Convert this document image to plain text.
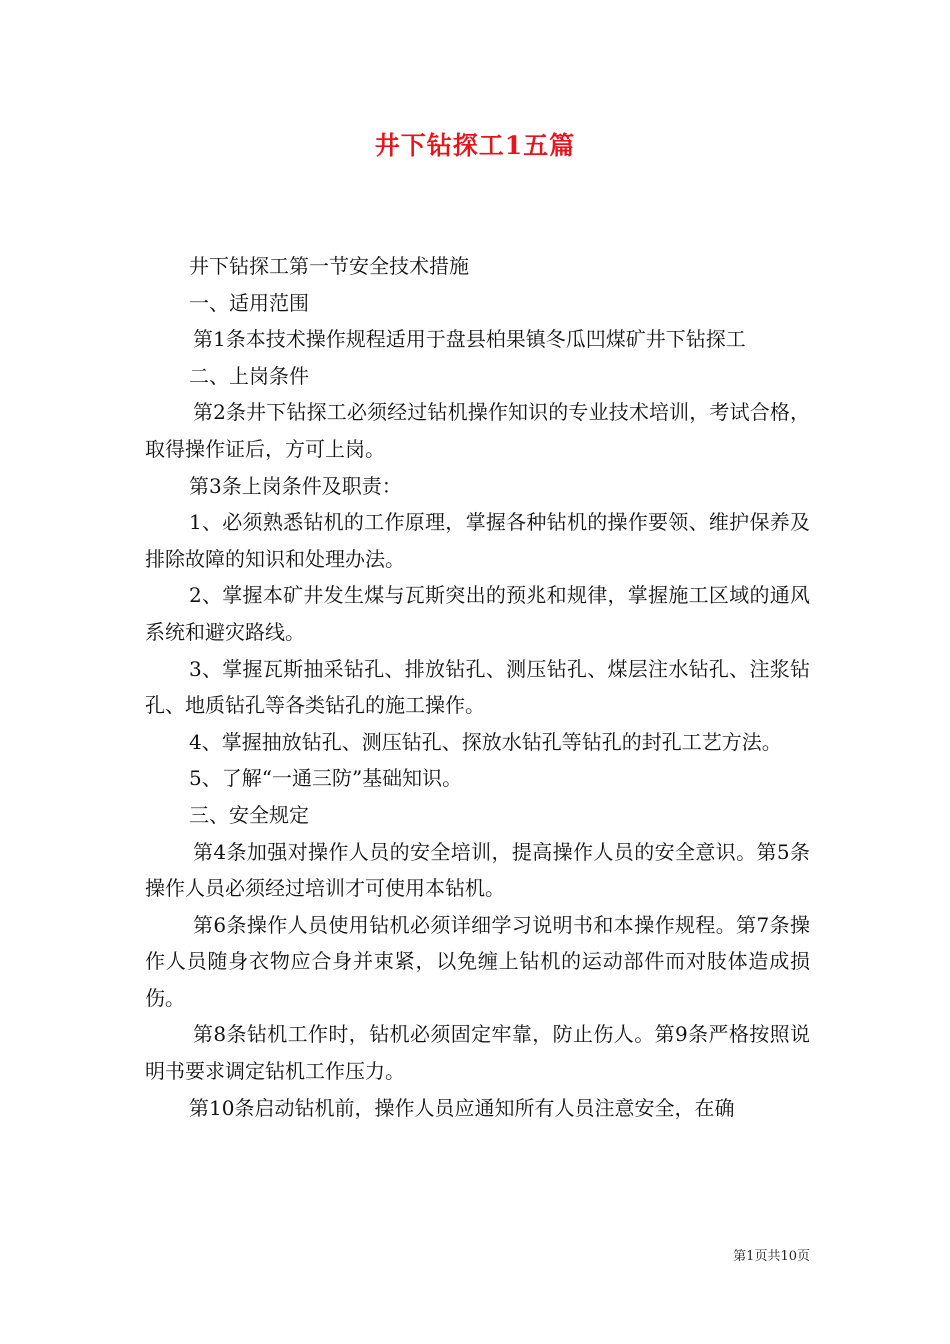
井下钻探工1五篇

井下钻探工第一节安全技术措施

一、适用范围

第1条本技术操作规程适用于盘县柏果镇冬瓜凹煤矿井下钻探工

二、上岗条件

第2条井下钻探工必须经过钻机操作知识的专业技术培训，考试合格，取得操作证后，方可上岗。

第3条上岗条件及职责：

1、必须熟悉钻机的工作原理，掌握各种钻机的操作要领、维护保养及排除故障的知识和处理办法。

2、掌握本矿井发生煤与瓦斯突出的预兆和规律，掌握施工区域的通风系统和避灾路线。

3、掌握瓦斯抽采钻孔、排放钻孔、测压钻孔、煤层注水钻孔、注浆钻孔、地质钻孔等各类钻孔的施工操作。

4、掌握抽放钻孔、测压钻孔、探放水钻孔等钻孔的封孔工艺方法。

5、了解“一通三防”基础知识。

三、安全规定

第4条加强对操作人员的安全培训，提高操作人员的安全意识。第5条操作人员必须经过培训才可使用本钻机。

第6条操作人员使用钻机必须详细学习说明书和本操作规程。第7条操作人员随身衣物应合身并束紧，以免缠上钻机的运动部件而对肢体造成损伤。

第8条钻机工作时，钻机必须固定牢靠，防止伤人。第9条严格按照说明书要求调定钻机工作压力。

第10条启动钻机前，操作人员应通知所有人员注意安全，在确

第1页共10页
